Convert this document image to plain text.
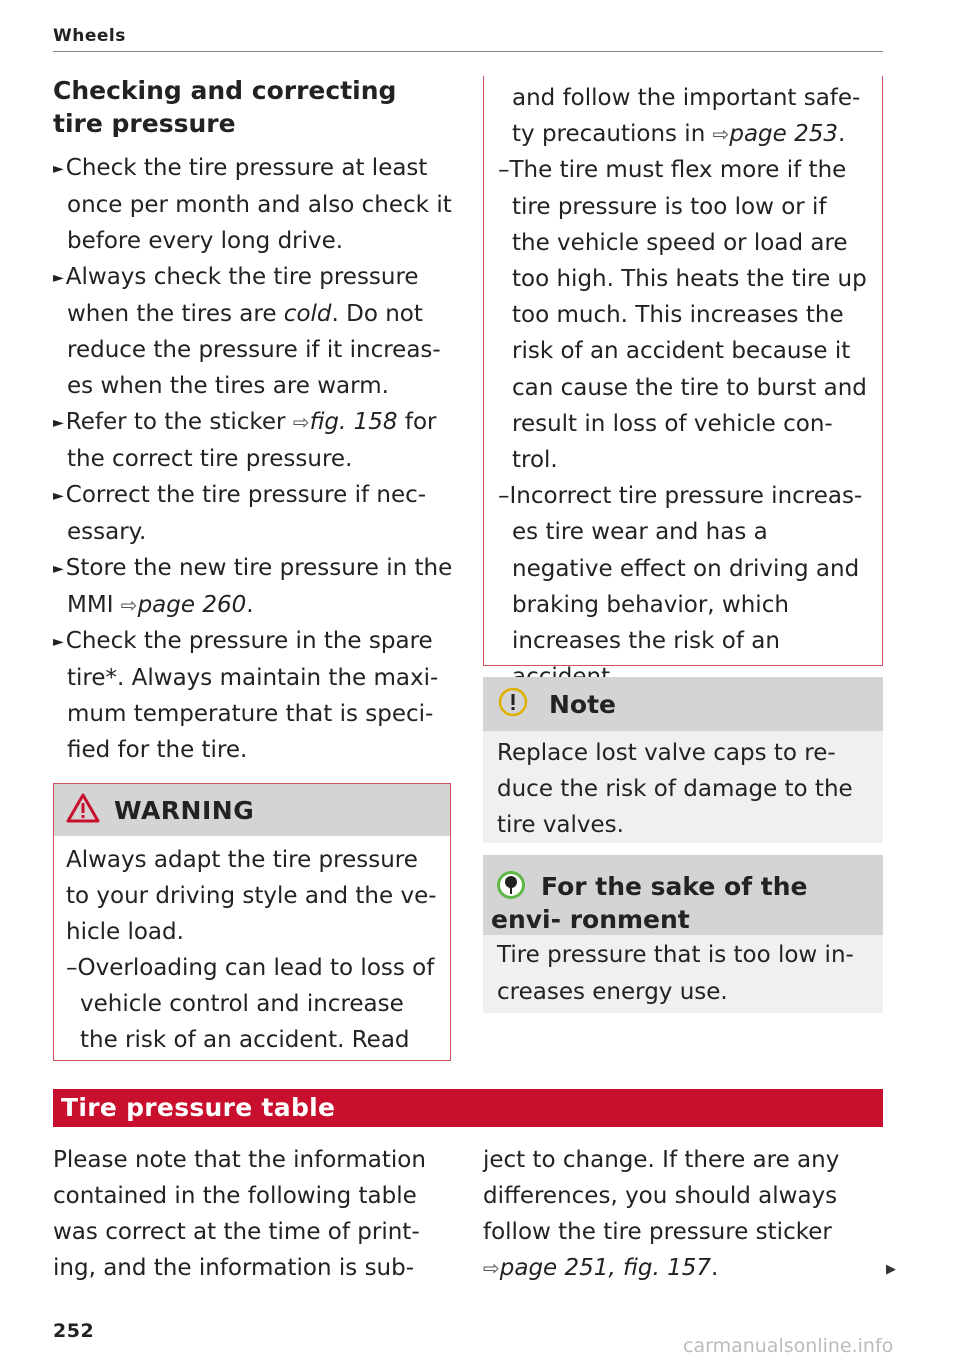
Wheels
Checking and correcting tire pressure
►Check the tire pressure at least once per month and also check it before every long drive.
►Always check the tire pressure when the tires are cold. Do not reduce the pressure if it increas- es when the tires are warm.
►Refer to the sticker ⇨fig. 158 for the correct tire pressure.
►Correct the tire pressure if nec- essary.
►Store the new tire pressure in the MMI ⇨page 260.
►Check the pressure in the spare tire*. Always maintain the maxi- mum temperature that is speci- fied for the tire.
WARNING
Always adapt the tire pressure to your driving style and the ve- hicle load.
–Overloading can lead to loss of vehicle control and increase the risk of an accident. Read
and follow the important safe- ty precautions in ⇨page 253.
–The tire must flex more if the tire pressure is too low or if the vehicle speed or load are too high. This heats the tire up too much. This increases the risk of an accident because it can cause the tire to burst and result in loss of vehicle con- trol.
–Incorrect tire pressure increas- es tire wear and has a negative effect on driving and braking behavior, which increases the risk of an
Note
Replace lost valve caps to re- duce the risk of damage to the tire valves.
For the sake of the envi- ronment
Tire pressure that is too low in- creases energy use.
Tire pressure table
Please note that the information contained in the following table was correct at the time of print- ing, and the information is sub-
ject to change. If there are any differences, you should always follow the tire pressure sticker ⇨page 251, fig. 157.	▶
252
carmanualsonline.info
